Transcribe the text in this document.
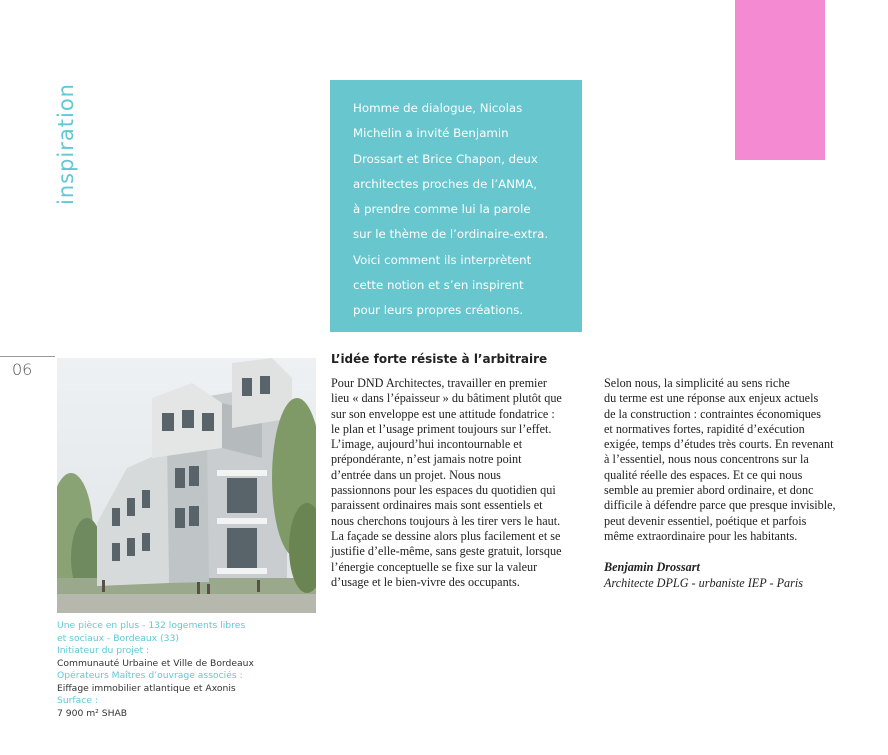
inspiration	Homme de dialogue, Nicolas
Michelin a invité Benjamin
Drossart et Brice Chapon, deux
architectes proches de l’ANMA,
à prendre comme lui la parole
sur le thème de l’ordinaire-extra.
Voici comment ils interprètent
cette notion et s’en inspirent
pour leurs propres créations.
06
Une pièce en plus - 132 logements libres
et sociaux - Bordeaux (33)
Initiateur du projet :
Communauté Urbaine et Ville de Bordeaux
Opérateurs Maîtres d’ouvrage associés :
Eiffage immobilier atlantique et Axonis
Surface :
7 900 m² SHAB
L’idée forte résiste à l’arbitraire

Pour DND Architectes, travailler en premier

lieu « dans l’épaisseur » du bâtiment plutôt que

sur son enveloppe est une attitude fondatrice :

le plan et l’usage priment toujours sur l’effet.

L’image, aujourd’hui incontournable et

prépondérante, n’est jamais notre point

d’entrée dans un projet. Nous nous

passionnons pour les espaces du quotidien qui

paraissent ordinaires mais sont essentiels et

nous cherchons toujours à les tirer vers le haut.

La façade se dessine alors plus facilement et se

justifie d’elle-même, sans geste gratuit, lorsque

l’énergie conceptuelle se fixe sur la valeur

d’usage et le bien-vivre des occupants.

Selon nous, la simplicité au sens riche

du terme est une réponse aux enjeux actuels

de la construction : contraintes économiques

et normatives fortes, rapidité d’exécution

exigée, temps d’études très courts. En revenant

à l’essentiel, nous nous concentrons sur la

qualité réelle des espaces. Et ce qui nous

semble au premier abord ordinaire, et donc

difficile à défendre parce que presque invisible,

peut devenir essentiel, poétique et parfois

même extraordinaire pour les habitants.

Benjamin Drossart

Architecte DPLG - urbaniste IEP - Paris
